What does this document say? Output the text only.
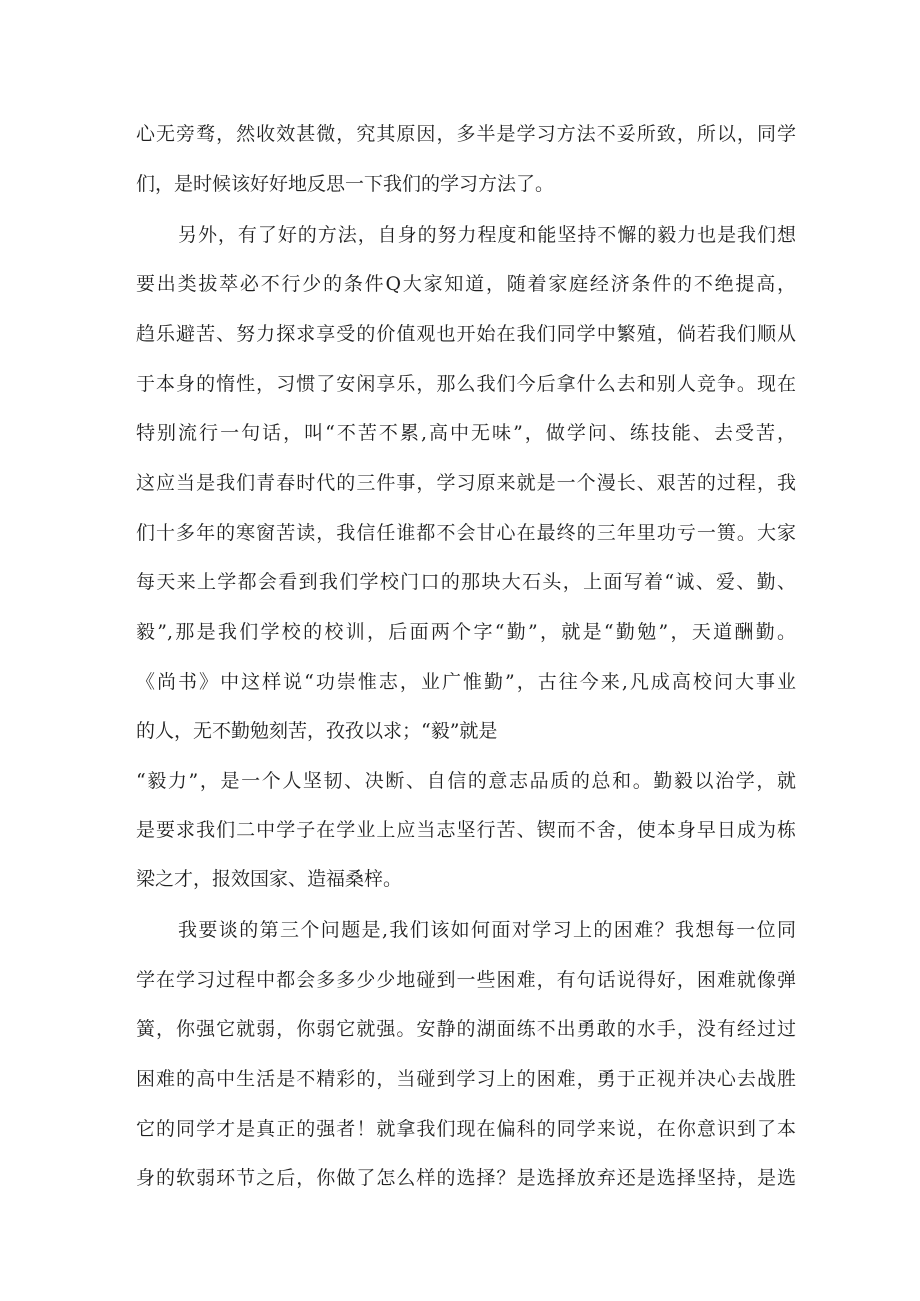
心无旁骛，然收效甚微，究其原因，多半是学习方法不妥所致，所以，同学
们，是时候该好好地反思一下我们的学习方法了。
另外，有了好的方法，自身的努力程度和能坚持不懈的毅力也是我们想
要出类拔萃必不行少的条件Q大家知道，随着家庭经济条件的不绝提高，
趋乐避苦、努力探求享受的价值观也开始在我们同学中繁殖，倘若我们顺从
于本身的惰性，习惯了安闲享乐，那么我们今后拿什么去和别人竞争。现在
特别流行一句话，叫“不苦不累,高中无味”，做学问、练技能、去受苦，
这应当是我们青春时代的三件事，学习原来就是一个漫长、艰苦的过程，我
们十多年的寒窗苦读，我信任谁都不会甘心在最终的三年里功亏一篑。大家
每天来上学都会看到我们学校门口的那块大石头，上面写着“诚、爱、勤、
毅”,那是我们学校的校训，后面两个字“勤”，就是“勤勉”，天道酬勤。
《尚书》中这样说“功崇惟志，业广惟勤”，古往今来,凡成高校问大事业
的人，无不勤勉刻苦，孜孜以求；“毅”就是
“毅力”，是一个人坚韧、决断、自信的意志品质的总和。勤毅以治学，就
是要求我们二中学子在学业上应当志坚行苦、锲而不舍，使本身早日成为栋
梁之才，报效国家、造福桑梓。
我要谈的第三个问题是,我们该如何面对学习上的困难？我想每一位同
学在学习过程中都会多多少少地碰到一些困难，有句话说得好，困难就像弹
簧，你强它就弱，你弱它就强。安静的湖面练不出勇敢的水手，没有经过过
困难的高中生活是不精彩的，当碰到学习上的困难，勇于正视并决心去战胜
它的同学才是真正的强者！就拿我们现在偏科的同学来说，在你意识到了本
身的软弱环节之后，你做了怎么样的选择？是选择放弃还是选择坚持，是选
